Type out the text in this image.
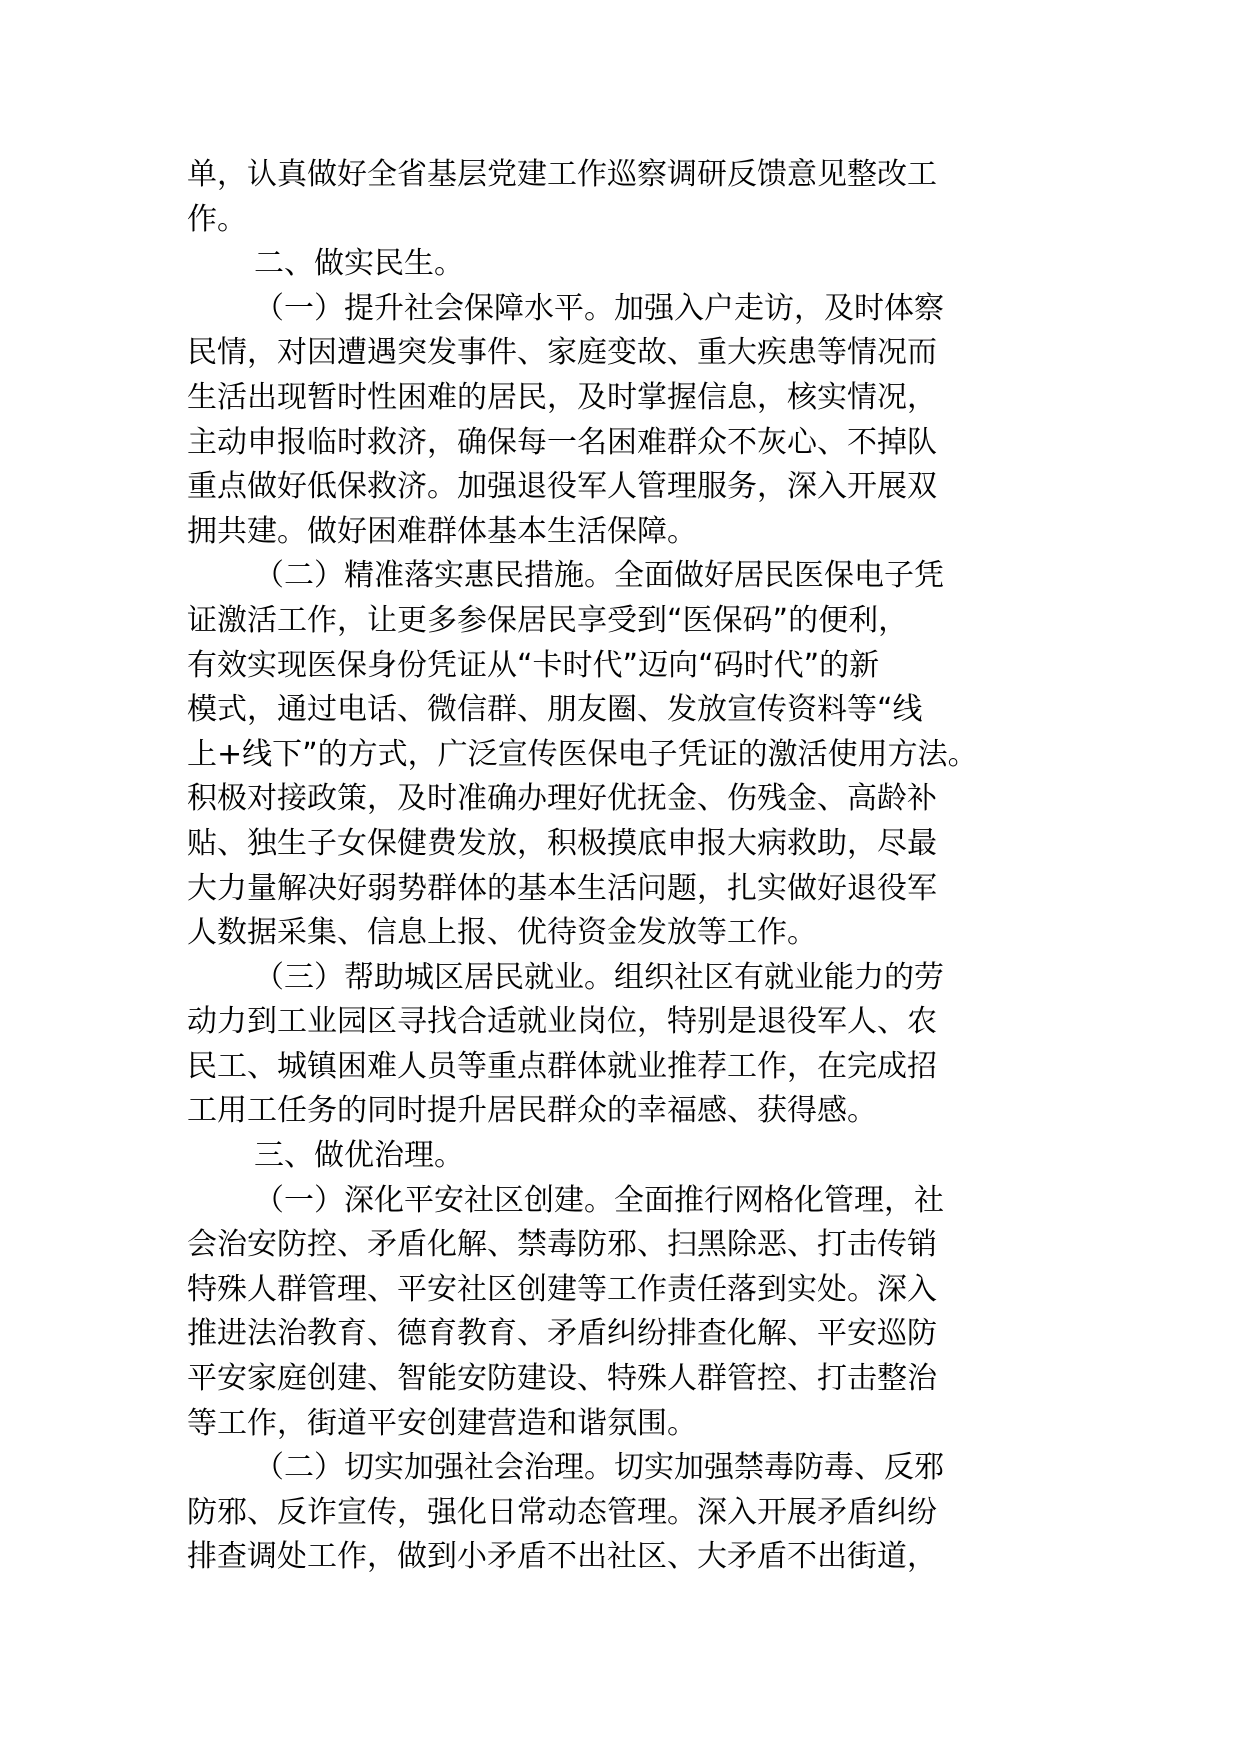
单，认真做好全省基层党建工作巡察调研反馈意见整改工
作。
二、做实民生。
（一）提升社会保障水平。加强入户走访，及时体察
民情，对因遭遇突发事件、家庭变故、重大疾患等情况而
生活出现暂时性困难的居民，及时掌握信息，核实情况，
主动申报临时救济，确保每一名困难群众不灰心、不掉队
重点做好低保救济。加强退役军人管理服务，深入开展双
拥共建。做好困难群体基本生活保障。
（二）精准落实惠民措施。全面做好居民医保电子凭
证激活工作，让更多参保居民享受到“医保码”的便利，
有效实现医保身份凭证从“卡时代”迈向“码时代”的新
模式，通过电话、微信群、朋友圈、发放宣传资料等“线
上+线下”的方式，广泛宣传医保电子凭证的激活使用方法。
积极对接政策，及时准确办理好优抚金、伤残金、高龄补
贴、独生子女保健费发放，积极摸底申报大病救助，尽最
大力量解决好弱势群体的基本生活问题，扎实做好退役军
人数据采集、信息上报、优待资金发放等工作。
（三）帮助城区居民就业。组织社区有就业能力的劳
动力到工业园区寻找合适就业岗位，特别是退役军人、农
民工、城镇困难人员等重点群体就业推荐工作，在完成招
工用工任务的同时提升居民群众的幸福感、获得感。
三、做优治理。
（一）深化平安社区创建。全面推行网格化管理，社
会治安防控、矛盾化解、禁毒防邪、扫黑除恶、打击传销
特殊人群管理、平安社区创建等工作责任落到实处。深入
推进法治教育、德育教育、矛盾纠纷排查化解、平安巡防
平安家庭创建、智能安防建设、特殊人群管控、打击整治
等工作，街道平安创建营造和谐氛围。
（二）切实加强社会治理。切实加强禁毒防毒、反邪
防邪、反诈宣传，强化日常动态管理。深入开展矛盾纠纷
排查调处工作，做到小矛盾不出社区、大矛盾不出街道，
